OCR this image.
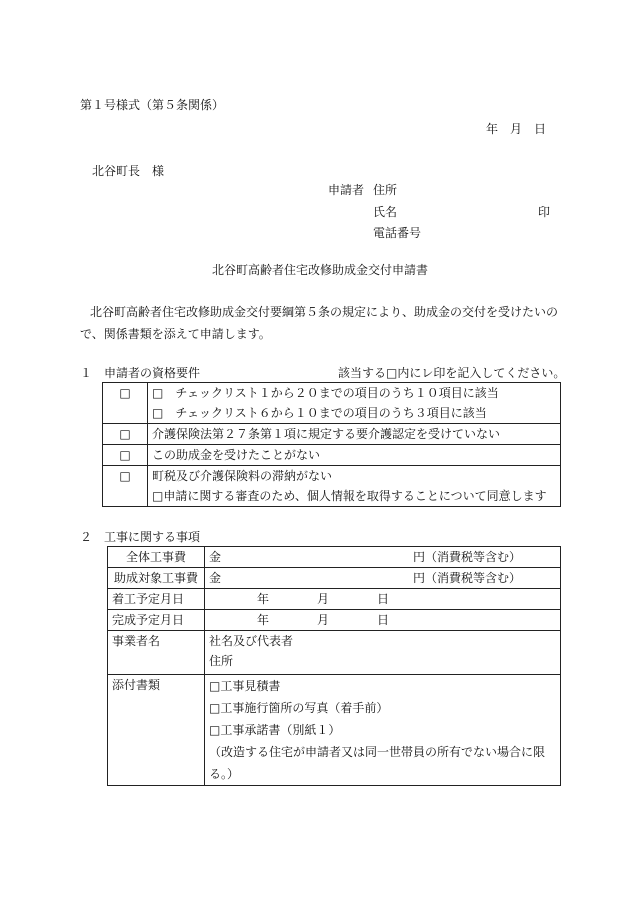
第１号様式（第５条関係）
年　月　日
北谷町長　様
申請者 住所
氏名	印
電話番号
北谷町高齢者住宅改修助成金交付申請書
北谷町高齢者住宅改修助成金交付要綱第５条の規定により、助成金の交付を受けたいの
で、関係書類を添えて申請します。
１　申請者の資格要件	該当する□内にレ印を記入してください。
□	□　チェックリスト１から２０までの項目のうち１０項目に該当
□　チェックリスト６から１０までの項目のうち３項目に該当

□	介護保険法第２７条第１項に規定する要介護認定を受けていない

□	この助成金を受けたことがない

□	町税及び介護保険料の滞納がない
□申請に関する審査のため、個人情報を取得することについて同意します
２　工事に関する事項
全体工事費	金　　　　　　　　　　　　　　　　円（消費税等含む）

助成対象工事費	金　　　　　　　　　　　　　　　　円（消費税等含む）

着工予定月日	　　　　年　　　　月　　　　日

完成予定月日	　　　　年　　　　月　　　　日

事業者名	社名及び代表者
住所

添付書類	□工事見積書
□工事施行箇所の写真（着手前）
□工事承諾書（別紙１）
（改造する住宅が申請者又は同一世帯員の所有でない場合に限
る。）
